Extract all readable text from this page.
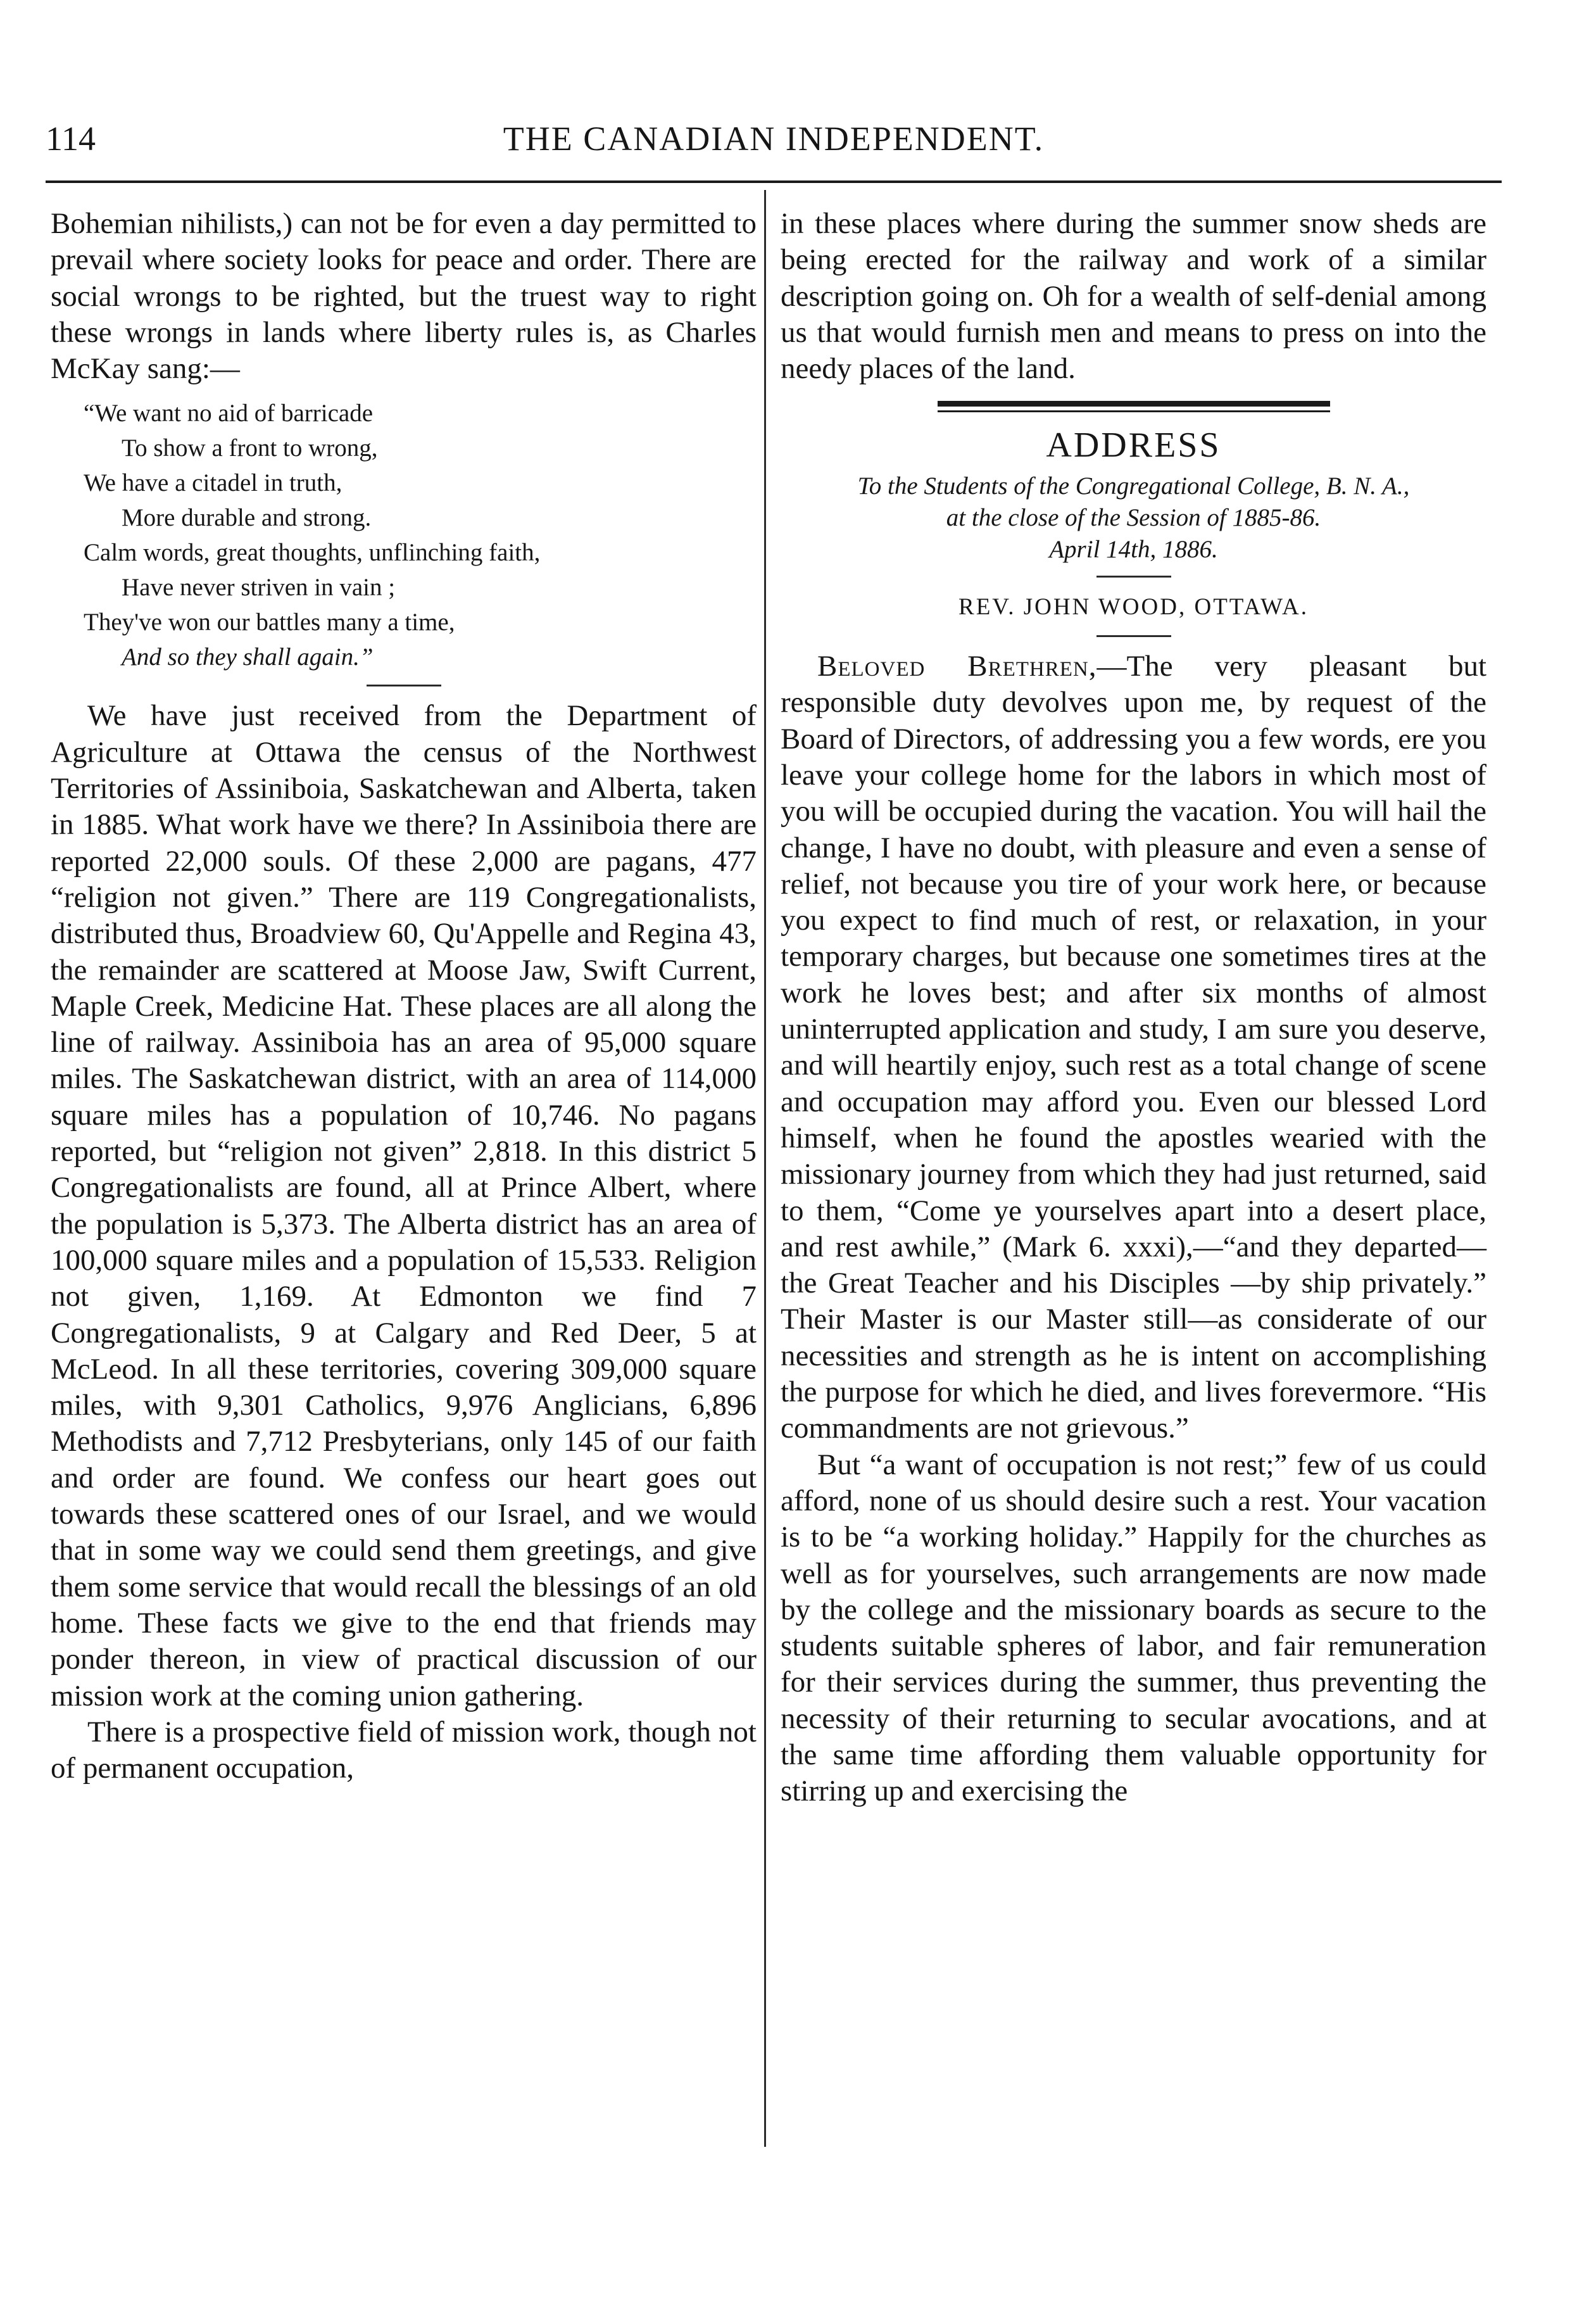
114	THE CANADIAN INDEPENDENT.

Bohemian nihilists,) can not be for even a day permitted to prevail where society looks for peace and order. There are social wrongs to be righted, but the truest way to right these wrongs in lands where liberty rules is, as Charles McKay sang:—

“We want no aid of barricade
To show a front to wrong,
We have a citadel in truth,
More durable and strong.
Calm words, great thoughts, unflinching faith,
Have never striven in vain ;
They've won our battles many a time,
And so they shall again.”

We have just received from the Department of Agriculture at Ottawa the census of the Northwest Territories of Assiniboia, Saskatchewan and Alberta, taken in 1885. What work have we there? In Assiniboia there are reported 22,000 souls. Of these 2,000 are pagans, 477 “religion not given.” There are 119 Congregationalists, distributed thus, Broadview 60, Qu'Appelle and Regina 43, the remainder are scattered at Moose Jaw, Swift Current, Maple Creek, Medicine Hat. These places are all along the line of railway. Assiniboia has an area of 95,000 square miles. The Saskatchewan district, with an area of 114,000 square miles has a population of 10,746. No pagans reported, but “religion not given” 2,818. In this district 5 Congregationalists are found, all at Prince Albert, where the population is 5,373. The Alberta district has an area of 100,000 square miles and a population of 15,533. Religion not given, 1,169. At Edmonton we find 7 Congregationalists, 9 at Calgary and Red Deer, 5 at McLeod. In all these territories, covering 309,000 square miles, with 9,301 Catholics, 9,976 Anglicians, 6,896 Methodists and 7,712 Presbyterians, only 145 of our faith and order are found. We confess our heart goes out towards these scattered ones of our Israel, and we would that in some way we could send them greetings, and give them some service that would recall the blessings of an old home. These facts we give to the end that friends may ponder thereon, in view of practical discussion of our mission work at the coming union gathering.

There is a prospective field of mission work, though not of permanent occupation,

in these places where during the summer snow sheds are being erected for the railway and work of a similar description going on. Oh for a wealth of self-denial among us that would furnish men and means to press on into the needy places of the land.

ADDRESS
To the Students of the Congregational College, B. N. A.,
at the close of the Session of 1885-86.
April 14th, 1886.
REV. JOHN WOOD, OTTAWA.

Beloved Brethren,—The very pleasant but responsible duty devolves upon me, by request of the Board of Directors, of addressing you a few words, ere you leave your college home for the labors in which most of you will be occupied during the vacation. You will hail the change, I have no doubt, with pleasure and even a sense of relief, not because you tire of your work here, or because you expect to find much of rest, or relaxation, in your temporary charges, but because one sometimes tires at the work he loves best; and after six months of almost uninterrupted application and study, I am sure you deserve, and will heartily enjoy, such rest as a total change of scene and occupation may afford you. Even our blessed Lord himself, when he found the apostles wearied with the missionary journey from which they had just returned, said to them, “Come ye yourselves apart into a desert place, and rest awhile,” (Mark 6. xxxi),—“and they departed—the Great Teacher and his Disciples —by ship privately.” Their Master is our Master still—as considerate of our necessities and strength as he is intent on accomplishing the purpose for which he died, and lives forevermore. “His commandments are not grievous.”

But “a want of occupation is not rest;” few of us could afford, none of us should desire such a rest. Your vacation is to be “a working holiday.” Happily for the churches as well as for yourselves, such arrangements are now made by the college and the missionary boards as secure to the students suitable spheres of labor, and fair remuneration for their services during the summer, thus preventing the necessity of their returning to secular avocations, and at the same time affording them valuable opportunity for stirring up and exercising the
